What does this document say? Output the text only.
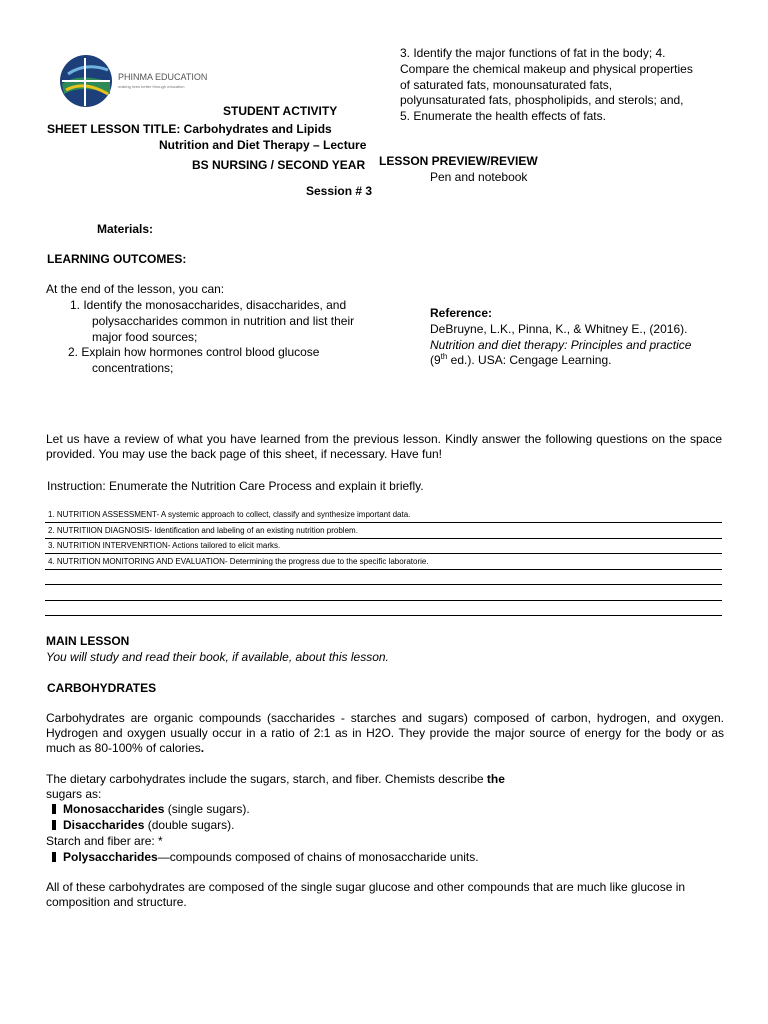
PHINMA EDUCATION
making lives better through education
STUDENT ACTIVITY
SHEET LESSON TITLE: Carbohydrates and Lipids
Nutrition and Diet Therapy – Lecture
BS NURSING / SECOND YEAR
Session # 3
Materials:
LEARNING OUTCOMES:
At the end of the lesson, you can:
1. Identify the monosaccharides, disaccharides, and
polysaccharides common in nutrition and list their
major food sources;
2. Explain how hormones control blood glucose
concentrations;
3. Identify the major functions of fat in the body; 4.
Compare the chemical makeup and physical properties
of saturated fats, monounsaturated fats,
polyunsaturated fats, phospholipids, and sterols; and,
5. Enumerate the health effects of fats.
LESSON PREVIEW/REVIEW
Pen and notebook
Reference:
DeBruyne, L.K., Pinna, K., & Whitney E., (2016).
Nutrition and diet therapy: Principles and practice
(9th ed.). USA: Cengage Learning.
Let us have a review of what you have learned from the previous lesson. Kindly answer the following questions on the space provided. You may use the back page of this sheet, if necessary. Have fun!
Instruction: Enumerate the Nutrition Care Process and explain it briefly.
1. NUTRITION ASSESSMENT- A systemic approach to collect, classify and synthesize important data.
2. NUTRITIION DIAGNOSIS- Identification and labeling of an existing nutrition problem.
3. NUTRITION INTERVENRTION- Actions tailored to elicit marks.
4. NUTRITION MONITORING AND EVALUATION- Determining the progress due to the specific laboratorie.
MAIN LESSON
You will study and read their book, if available, about this lesson.
CARBOHYDRATES
Carbohydrates are organic compounds (saccharides - starches and sugars) composed of carbon, hydrogen, and oxygen. Hydrogen and oxygen usually occur in a ratio of 2:1 as in H2O. They provide the major source of energy for the body or as much as 80-100% of calories.
The dietary carbohydrates include the sugars, starch, and fiber. Chemists describe the
sugars as:
Monosaccharides (single sugars).
Disaccharides (double sugars).
Starch and fiber are: *
Polysaccharides—compounds composed of chains of monosaccharide units.
All of these carbohydrates are composed of the single sugar glucose and other compounds that are much like glucose in composition and structure.
